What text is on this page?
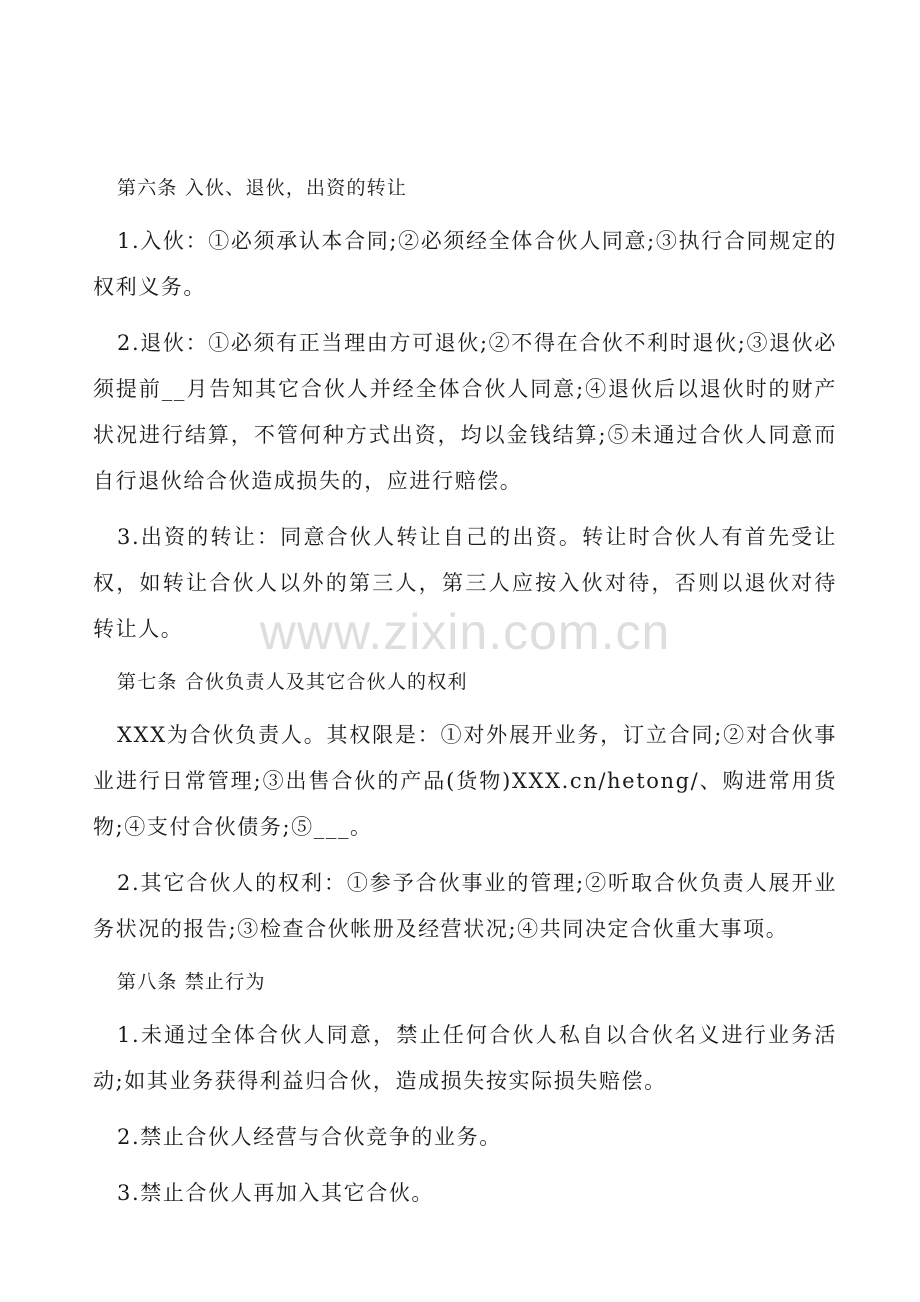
第六条 入伙、退伙，出资的转让

1.入伙：①必须承认本合同;②必须经全体合伙人同意;③执行合同规定的权利义务。

2.退伙：①必须有正当理由方可退伙;②不得在合伙不利时退伙;③退伙必须提前__月告知其它合伙人并经全体合伙人同意;④退伙后以退伙时的财产状况进行结算，不管何种方式出资，均以金钱结算;⑤未通过合伙人同意而自行退伙给合伙造成损失的，应进行赔偿。

3.出资的转让：同意合伙人转让自己的出资。转让时合伙人有首先受让权，如转让合伙人以外的第三人，第三人应按入伙对待，否则以退伙对待转让人。

第七条 合伙负责人及其它合伙人的权利

XXX为合伙负责人。其权限是：①对外展开业务，订立合同;②对合伙事业进行日常管理;③出售合伙的产品(货物)XXX.cn/hetong/、购进常用货物;④支付合伙债务;⑤___。

2.其它合伙人的权利：①参予合伙事业的管理;②听取合伙负责人展开业务状况的报告;③检查合伙帐册及经营状况;④共同决定合伙重大事项。

第八条 禁止行为

1.未通过全体合伙人同意，禁止任何合伙人私自以合伙名义进行业务活动;如其业务获得利益归合伙，造成损失按实际损失赔偿。

2.禁止合伙人经营与合伙竞争的业务。

3.禁止合伙人再加入其它合伙。

www.zixin.com.cn
